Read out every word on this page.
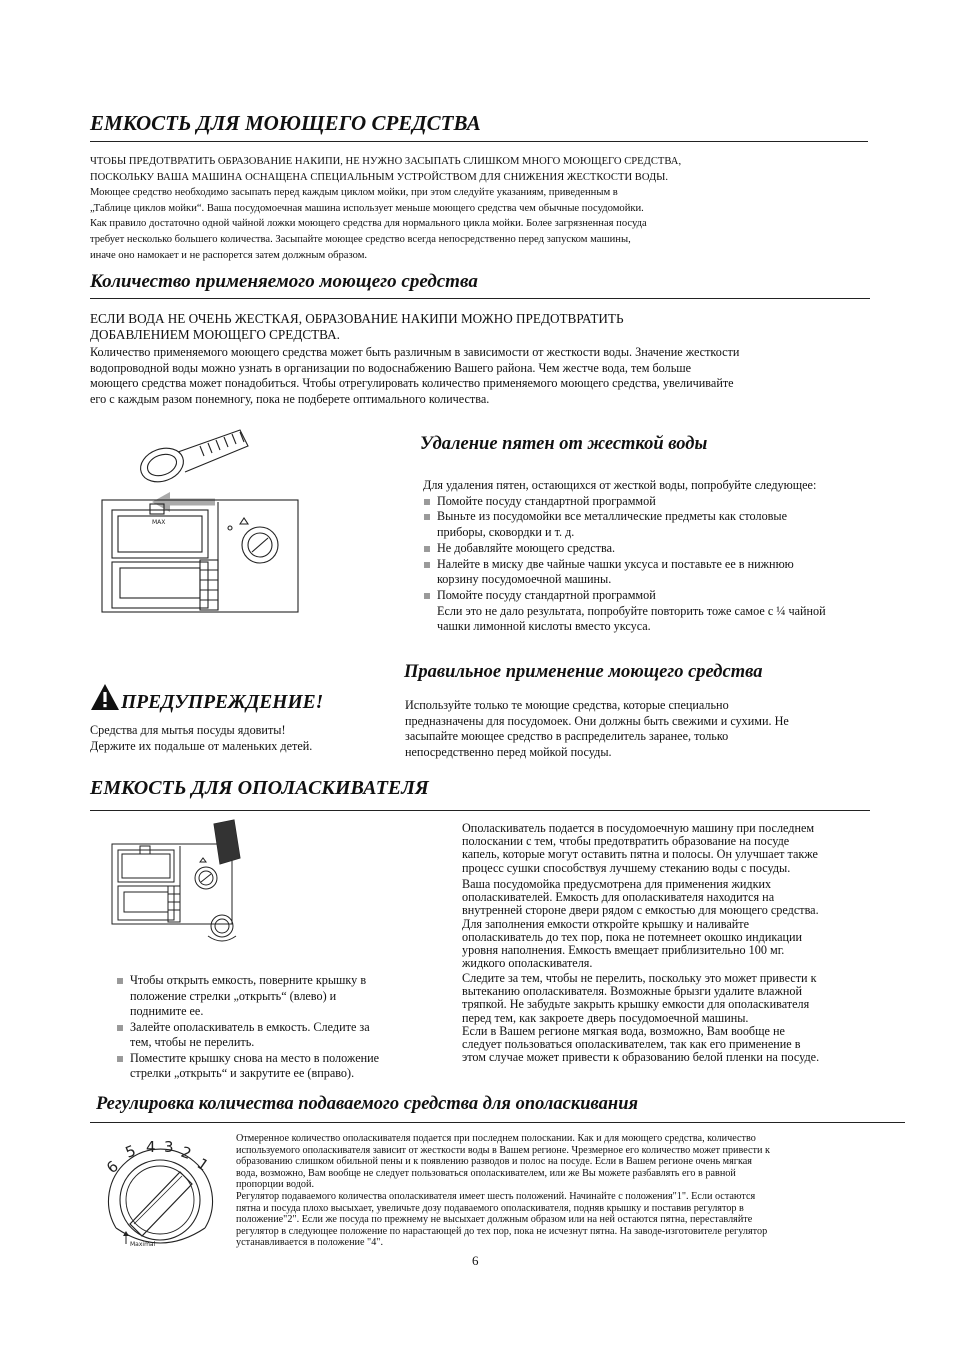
ЕМКОСТЬ ДЛЯ МОЮЩЕГО СРЕДСТВА
ЧТОБЫ ПРЕДОТВРАТИТЬ ОБРАЗОВАНИЕ НАКИПИ, НЕ НУЖНО ЗАСЫПАТЬ СЛИШКОМ МНОГО МОЮЩЕГО СРЕДСТВА,
ПОСКОЛЬКУ ВАША МАШИНА ОСНАЩЕНА СПЕЦИАЛЬНЫМ УСТРОЙСТВОМ ДЛЯ СНИЖЕНИЯ ЖЕСТКОСТИ ВОДЫ.
Моющее средство необходимо засыпать перед каждым циклом мойки, при этом следуйте указаниям, приведенным в
„Таблице циклов мойки“. Ваша посудомоечная машина использует меньше моющего средства чем обычные посудомойки.
Как правило достаточно одной чайной ложки моющего средства для нормального цикла мойки. Более загрязненная посуда
требует несколько большего количества. Засыпайте моющее средство всегда непосредственно перед запуском машины,
иначе оно намокает и не распорется затем должным образом.
Количество применяемого моющего средства
ЕСЛИ ВОДА НЕ ОЧЕНЬ ЖЕСТКАЯ, ОБРАЗОВАНИЕ НАКИПИ МОЖНО ПРЕДОТВРАТИТЬ
ДОБАВЛЕНИЕМ МОЮЩЕГО СРЕДСТВА.
Количество применяемого моющего средства может быть различным в зависимости от жесткости воды. Значение жесткости
водопроводной воды можно узнать в организации по водоснабжению Вашего района. Чем жестче вода, тем больше
моющего средства может понадобиться. Чтобы отрегулировать количество применяемого моющего средства, увеличивайте
его с каждым разом понемногу, пока не подберете оптимального количества.
MAX
Удаление пятен от жесткой воды
Для удаления пятен, остающихся от жесткой воды, попробуйте следующее:
Помойте посуду стандартной программой
Выньте из посудомойки все металлические предметы как столовые
приборы, сковордки и т. д.
Не добавляйте моющего средства.
Налейте в миску две чайные чашки уксуса и поставьте ее в нижнюю
корзину посудомоечной машины.
Помойте посуду стандартной программой
Если это не дало результата, попробуйте повторить тоже самое с ¼ чайной
чашки лимонной кислоты вместо уксуса.
Правильное применение моющего средства
Используйте только те моющие средства, которые специально
предназначены для посудомоек. Они должны быть свежими и сухими. Не
засыпайте моющее средство в распределитель заранее, только
непосредственно перед мойкой посуды.
ПРЕДУПРЕЖДЕНИЕ!
Средства для мытья посуды ядовиты!
Держите их подальше от маленьких детей.
ЕМКОСТЬ ДЛЯ ОПОЛАСКИВАТЕЛЯ
Чтобы открыть емкость, поверните крышку в
положение стрелки „открыть“ (влево) и
поднимите ее.
Залейте ополаскиватель в емкость. Следите за
тем, чтобы не перелить.
Поместите крышку снова на место в положение
стрелки „открыть“ и закрутите ее (вправо).
Ополаскиватель подается в посудомоечную машину при последнем
полоскании с тем, чтобы предотвратить образование на посуде
капель, которые могут оставить пятна и полосы. Он улучшает также
процесс сушки способствуя лучшему стеканию воды с посуды.
Ваша посудомойка предусмотрена для применения жидких
ополаскивателей. Емкость для ополаскивателя находится на
внутренней стороне двери рядом с емкостью для моющего средства.
Для заполнения емкости откройте крышку и наливайте
ополаскиватель до тех пор, пока не потемнеет окошко индикации
уровня наполнения. Емкость вмещает приблизительно 100 мг.
жидкого ополаскивателя.
Следите за тем, чтобы не перелить, поскольку это может привести к
вытеканию ополаскивателя. Возможные брызги удалите влажной
тряпкой. Не забудьте закрыть крышку емкости для ополаскивателя
перед тем, как закроете дверь посудомоечной машины.
Если в Вашем регионе мягкая вода, возможно, Вам вообще не
следует пользоваться ополаскивателем, так как его применение в
этом случае может привести к образованию белой пленки на посуде.
Регулировка количества подаваемого средства для ополаскивания
6
5 4 3 2
1
Maximal
Отмеренное количество ополаскивателя подается при последнем полоскании. Как и для моющего средства, количество
используемого ополаскивателя зависит от жесткости воды в Вашем регионе. Чрезмерное его количество может привести к
образованию слишком обильной пены и к появлению разводов и полос на посуде. Если в Вашем регионе очень мягкая
вода, возможно, Вам вообще не следует пользоваться ополаскивателем, или же Вы можете разбавлять его в равной
пропорции водой.
Регулятор подаваемого количества ополаскивателя имеет шесть положений. Начинайте с положения"1". Если остаются
пятна и посуда плохо высыхает, увеличьте дозу подаваемого ополаскивателя, подняв крышку и поставив регулятор в
положение"2". Если же посуда по прежнему не высыхает должным образом или на ней остаются пятна, переставляйте
регулятор в следующее положение по нарастающей до тех пор, пока не исчезнут пятна. На заводе-изготовителе регулятор
устанавливается в положение "4".
6
